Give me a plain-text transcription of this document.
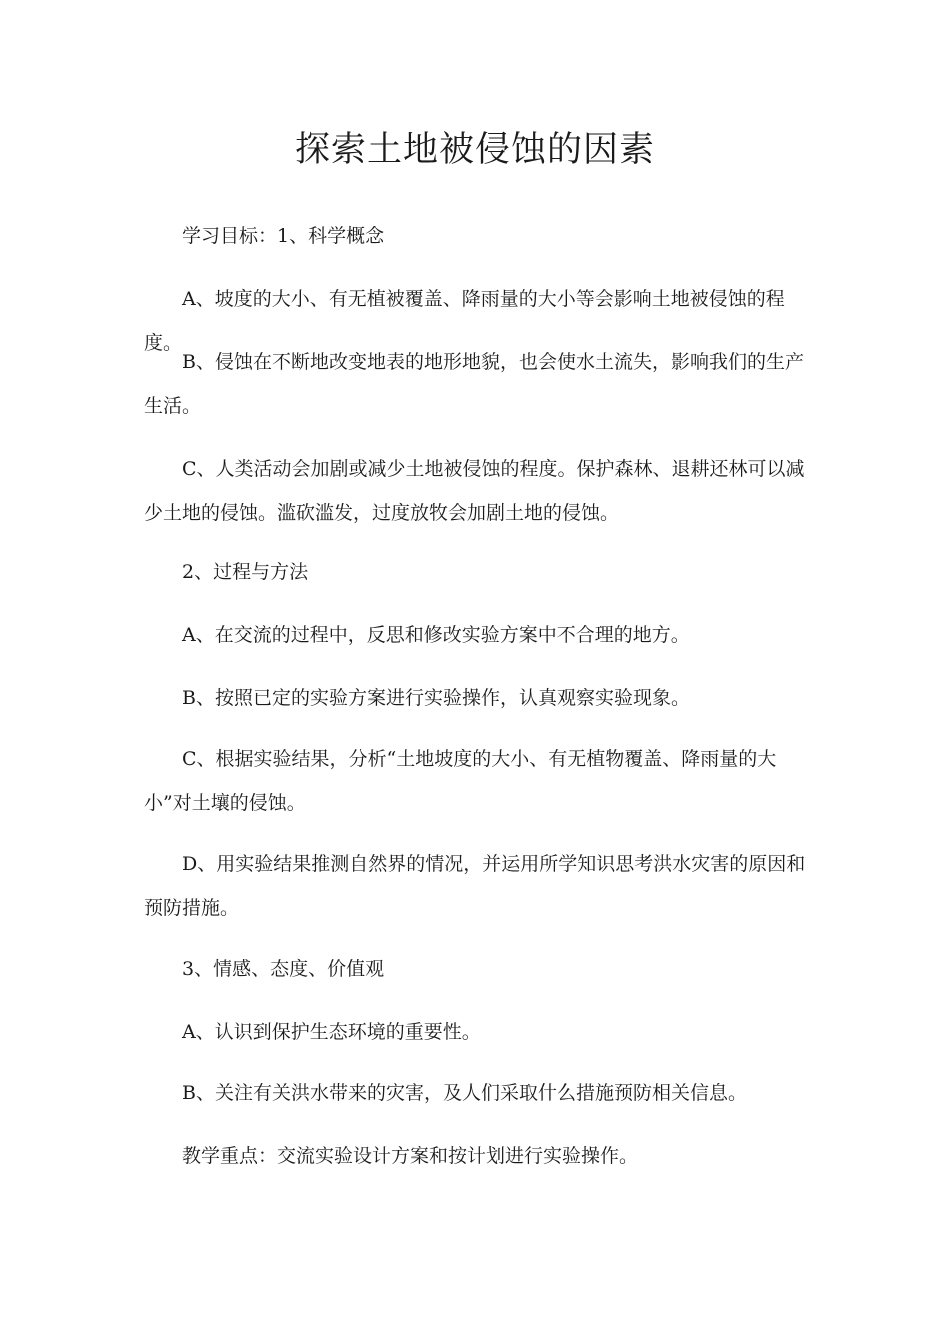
探索土地被侵蚀的因素

学习目标：1、科学概念

A、坡度的大小、有无植被覆盖、降雨量的大小等会影响土地被侵蚀的程度。

B、侵蚀在不断地改变地表的地形地貌，也会使水土流失，影响我们的生产生活。

C、人类活动会加剧或减少土地被侵蚀的程度。保护森林、退耕还林可以减少土地的侵蚀。滥砍滥发，过度放牧会加剧土地的侵蚀。

2、过程与方法

A、在交流的过程中，反思和修改实验方案中不合理的地方。

B、按照已定的实验方案进行实验操作，认真观察实验现象。

C、根据实验结果，分析“土地坡度的大小、有无植物覆盖、降雨量的大小”对土壤的侵蚀。

D、用实验结果推测自然界的情况，并运用所学知识思考洪水灾害的原因和预防措施。

3、情感、态度、价值观

A、认识到保护生态环境的重要性。

B、关注有关洪水带来的灾害，及人们采取什么措施预防相关信息。

教学重点：交流实验设计方案和按计划进行实验操作。
